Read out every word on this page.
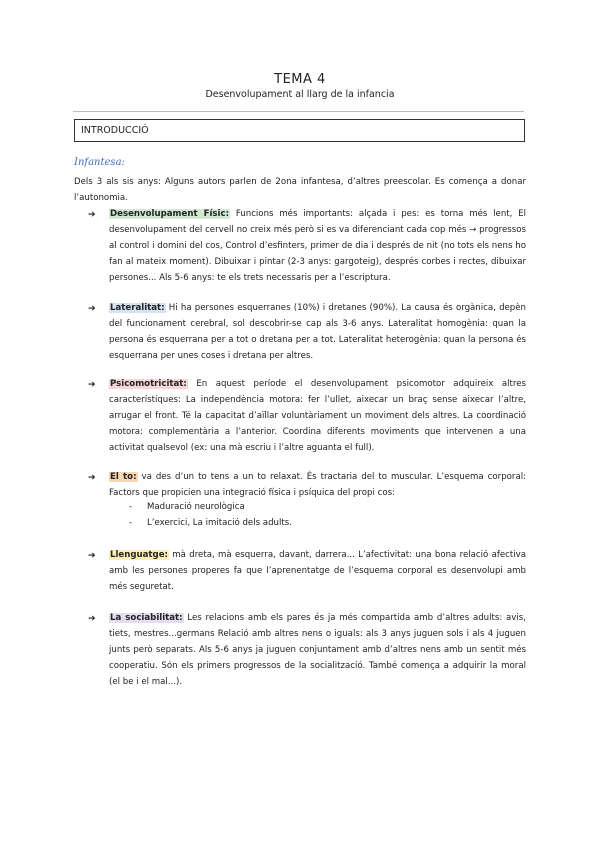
TEMA 4
Desenvolupament al llarg de la infancia
INTRODUCCIÓ
Infantesa:
Dels 3 als sis anys: Alguns autors parlen de 2ona infantesa, d’altres preescolar. Es comença a donar l’autonomia.
➔ Desenvolupament Físic: Funcions més importants: alçada i pes: es torna més lent, El desenvolupament del cervell no creix més però si es va diferenciant cada cop més → progressos al control i domini del cos, Control d’esfinters, primer de dia i després de nit (no tots els nens ho fan al mateix moment). Dibuixar i pintar (2-3 anys: gargoteig), després corbes i rectes, dibuixar persones... Als 5-6 anys: te els trets necessaris per a l’escriptura.
➔ Lateralitat: Hi ha persones esquerranes (10%) i dretanes (90%). La causa és orgànica, depèn del funcionament cerebral, sol descobrir-se cap als 3-6 anys. Lateralitat homogènia: quan la persona és esquerrana per a tot o dretana per a tot. Lateralitat heterogènia: quan la persona és esquerrana per unes coses i dretana per altres.
➔ Psicomotricitat: En aquest període el desenvolupament psicomotor adquireix altres característiques: La independència motora: fer l’ullet, aixecar un braç sense aixecar l’altre, arrugar el front. Té la capacitat d’aïllar voluntàriament un moviment dels altres. La coordinació motora: complementària a l’anterior. Coordina diferents moviments que intervenen a una activitat qualsevol (ex: una mà escriu i l’altre aguanta el full).
➔ El to: va des d’un to tens a un to relaxat. És tractaria del to muscular. L’esquema corporal: Factors que propicien una integració física i psíquica del propi cos:
- Maduració neurològica
- L’exercici, La imitació dels adults.
➔ Llenguatge: mà dreta, mà esquerra, davant, darrera... L’afectivitat: una bona relació afectiva amb les persones properes fa que l’aprenentatge de l’esquema corporal es desenvolupi amb més seguretat.
➔ La sociabilitat: Les relacions amb els pares és ja més compartida amb d’altres adults: avis, tiets, mestres...germans Relació amb altres nens o iguals: als 3 anys juguen sols i als 4 juguen junts però separats. Als 5-6 anys ja juguen conjuntament amb d’altres nens amb un sentit més cooperatiu. Són els primers progressos de la socialització. També comença a adquirir la moral (el be i el mal...).
